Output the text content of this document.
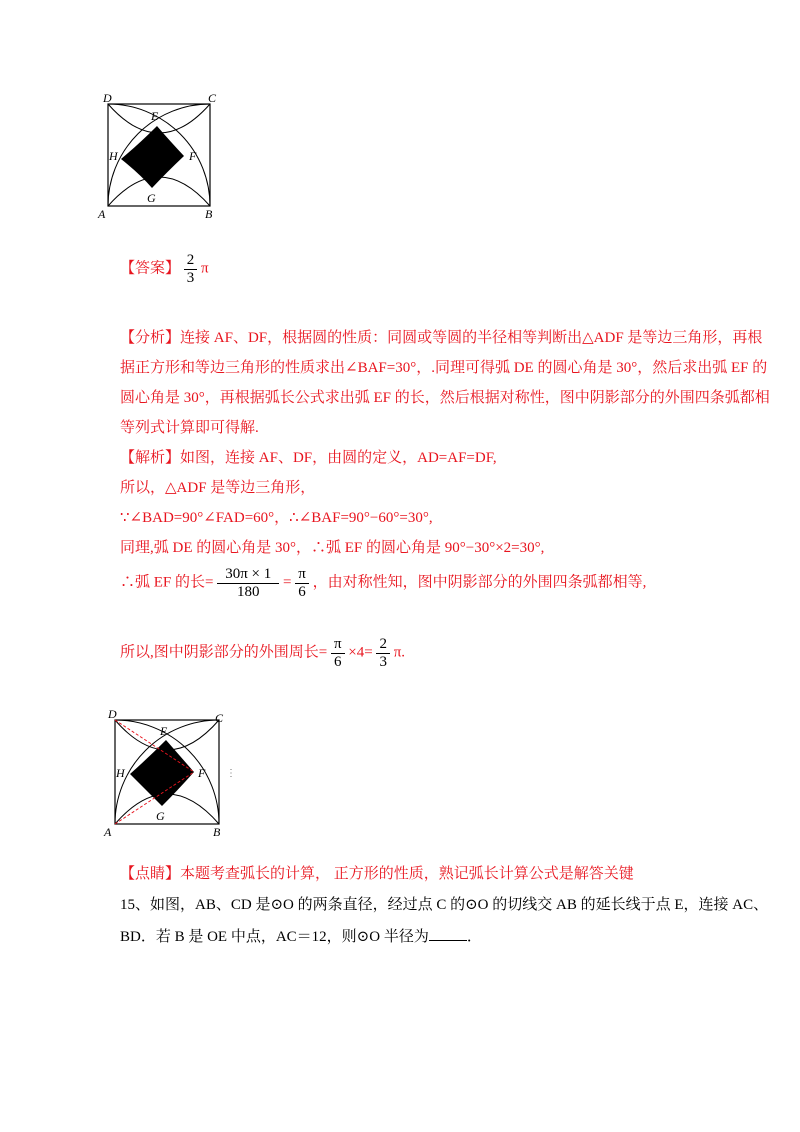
D	C
A	B
E
F
G
H
【答案】 $\frac{2}{3}$ π
【分析】连接 AF、DF，根据圆的性质：同圆或等圆的半径相等判断出△ADF 是等边三角形，再根
据正方形和等边三角形的性质求出∠BAF=30°，.同理可得弧 DE 的圆心角是 30°，然后求出弧 EF 的
圆心角是 30°，再根据弧长公式求出弧 EF 的长，然后根据对称性，图中阴影部分的外围四条弧都相
等列式计算即可得解.
【解析】如图，连接 AF、DF，由圆的定义，AD=AF=DF,
所以，△ADF 是等边三角形，
∵∠BAD=90°∠FAD=60°，∴∠BAF=90°−60°=30°,
同理,弧 DE 的圆心角是 30°，∴弧 EF 的圆心角是 90°−30°×2=30°,
∴弧 EF 的长= $\frac{30\pi \times 1}{180} = \frac{\pi}{6}$ ，由对称性知，图中阴影部分的外围四条弧都相等,
所以,图中阴影部分的外围周长= $\frac{\pi}{6} \times 4= \frac{2}{3} \pi$.
D	C
A	B
E
F
G
H	⋮
【点睛】本题考查弧长的计算， 正方形的性质，熟记弧长计算公式是解答关键
15、如图，AB、CD 是⊙O 的两条直径，经过点 C 的⊙O 的切线交 AB 的延长线于点 E，连接 AC、
BD．若 B 是 OE 中点，AC＝12，则⊙O 半径为	．
